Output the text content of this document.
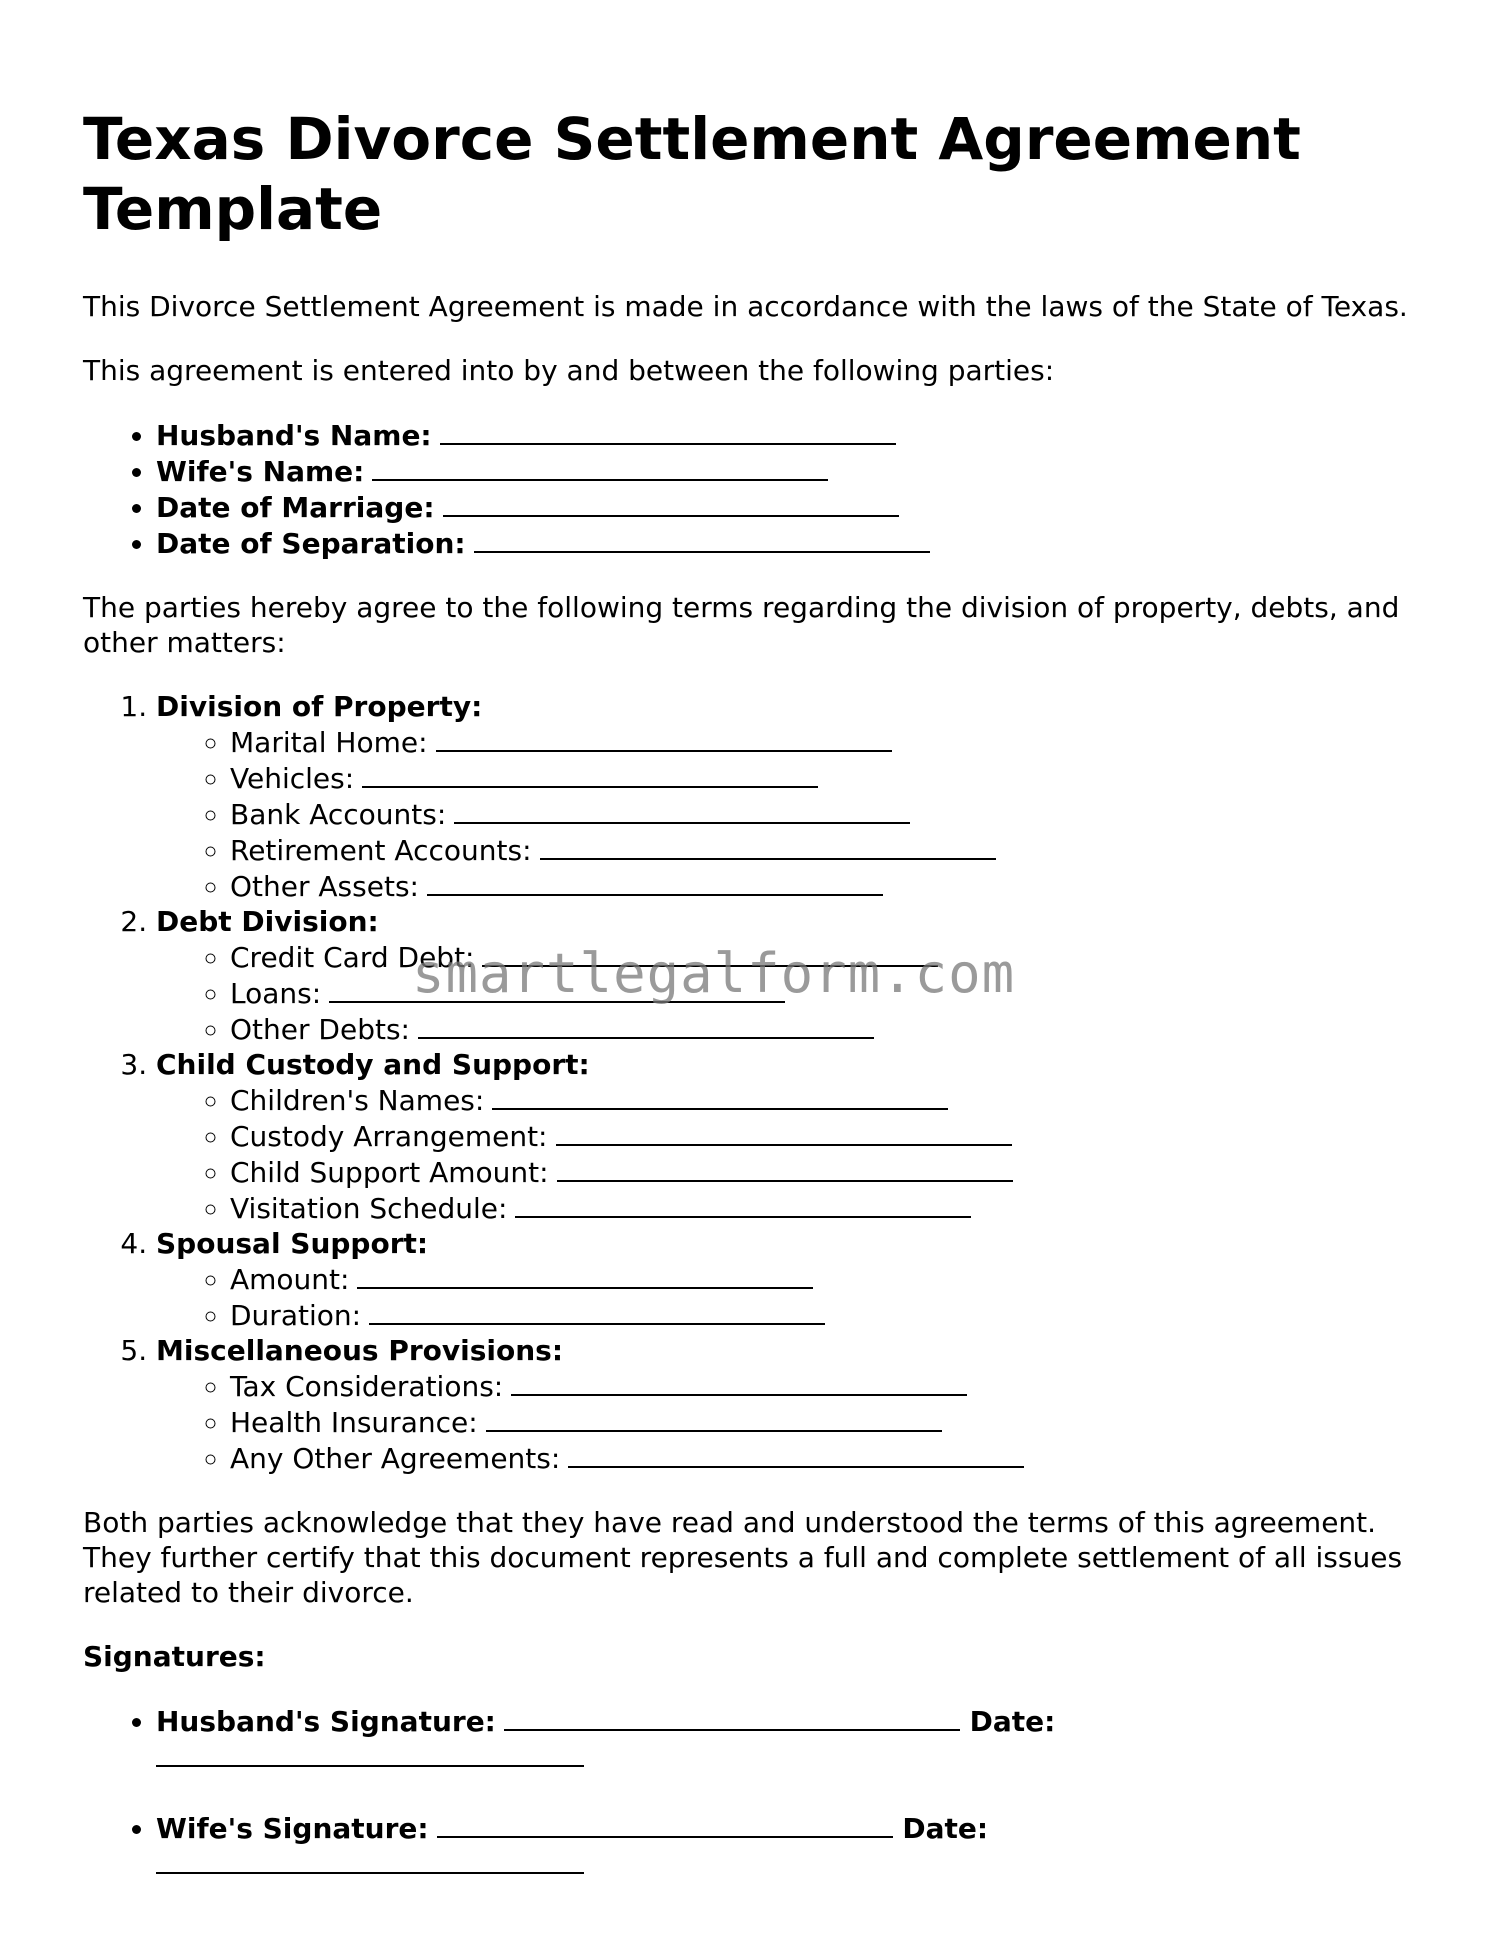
Texas Divorce Settlement Agreement Template

This Divorce Settlement Agreement is made in accordance with the laws of the State of Texas.

This agreement is entered into by and between the following parties:

• Husband's Name:
• Wife's Name:
• Date of Marriage:
• Date of Separation:

The parties hereby agree to the following terms regarding the division of property, debts, and other matters:

1. Division of Property:
◦ Marital Home:
◦ Vehicles:
◦ Bank Accounts:
◦ Retirement Accounts:
◦ Other Assets:
2. Debt Division:
◦ Credit Card Debt:
◦ Loans:
◦ Other Debts:
3. Child Custody and Support:
◦ Children's Names:
◦ Custody Arrangement:
◦ Child Support Amount:
◦ Visitation Schedule:
4. Spousal Support:
◦ Amount:
◦ Duration:
5. Miscellaneous Provisions:
◦ Tax Considerations:
◦ Health Insurance:
◦ Any Other Agreements:

Both parties acknowledge that they have read and understood the terms of this agreement. They further certify that this document represents a full and complete settlement of all issues related to their divorce.

Signatures:
• Husband's Signature:	Date:

• Wife's Signature:	Date:

smartlegalform.com
